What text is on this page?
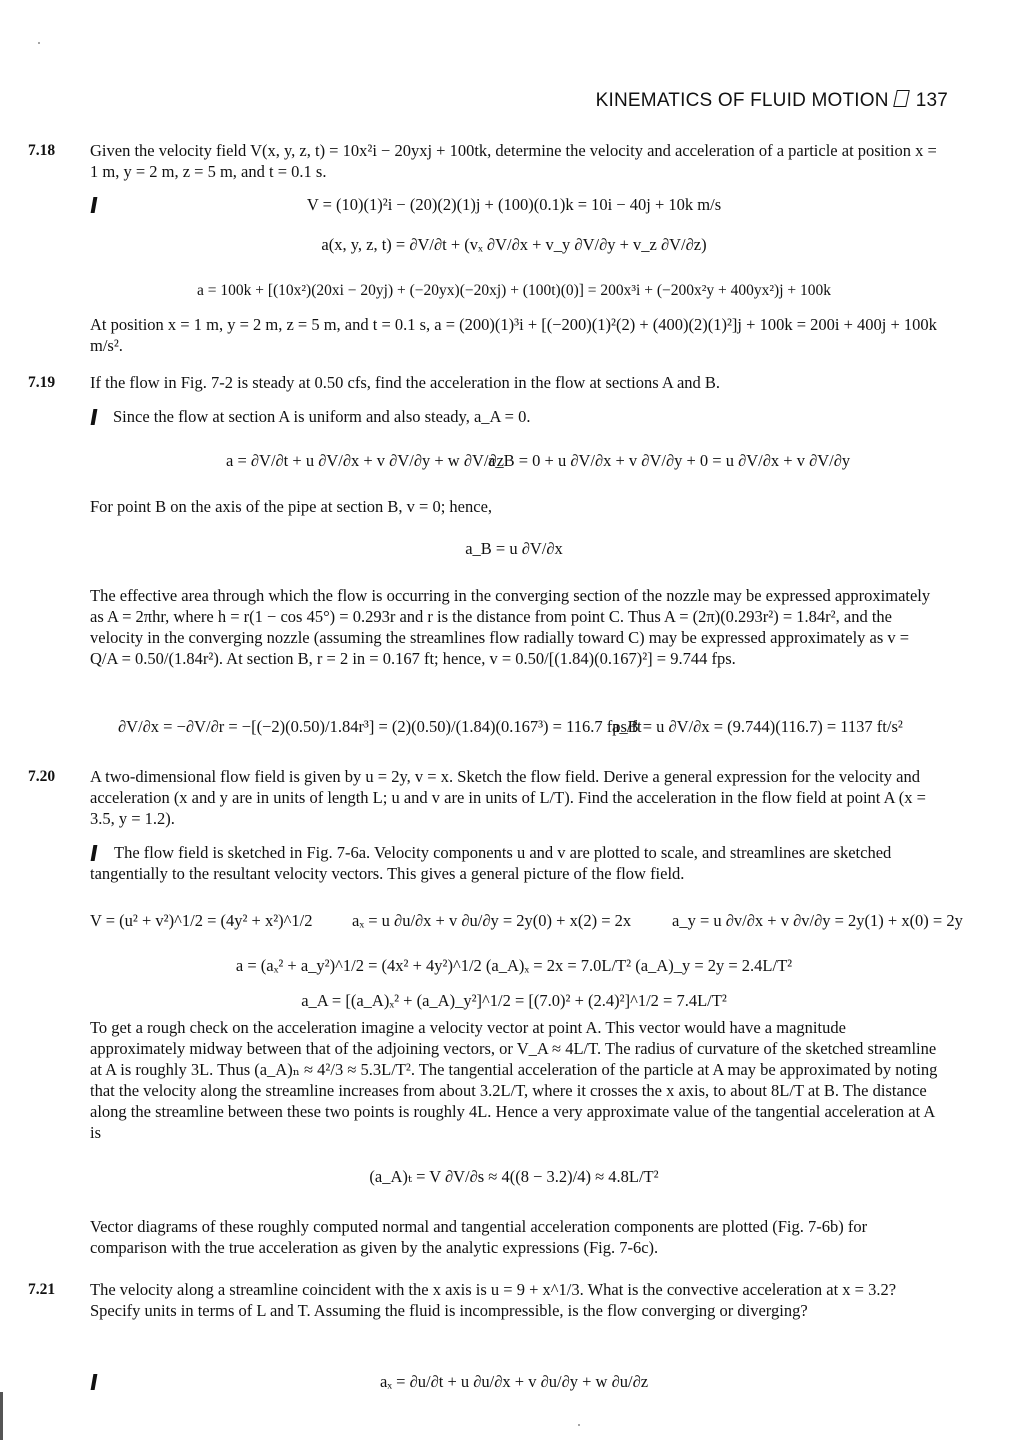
KINEMATICS OF FLUID MOTION 137
7.18 Given the velocity field V(x, y, z, t) = 10x²i − 20yxj + 100tk, determine the velocity and acceleration of a particle at position x = 1 m, y = 2 m, z = 5 m, and t = 0.1 s.
V = (10)(1)²i − (20)(2)(1)j + (100)(0.1)k = 10i − 40j + 10k m/s
a(x, y, z, t) = ∂V/∂t + (vₓ ∂V/∂x + v_y ∂V/∂y + v_z ∂V/∂z)
a = 100k + [(10x²)(20xi − 20yj) + (−20yx)(−20xj) + (100t)(0)] = 200x³i + (−200x²y + 400yx²)j + 100k
At position x = 1 m, y = 2 m, z = 5 m, and t = 0.1 s, a = (200)(1)³i + [(−200)(1)²(2) + (400)(2)(1)²]j + 100k = 200i + 400j + 100k m/s².
7.19 If the flow in Fig. 7-2 is steady at 0.50 cfs, find the acceleration in the flow at sections A and B.
Since the flow at section A is uniform and also steady, a_A = 0.
a = ∂V/∂t + u ∂V/∂x + v ∂V/∂y + w ∂V/∂z
a_B = 0 + u ∂V/∂x + v ∂V/∂y + 0 = u ∂V/∂x + v ∂V/∂y
For point B on the axis of the pipe at section B, v = 0; hence,
a_B = u ∂V/∂x
The effective area through which the flow is occurring in the converging section of the nozzle may be expressed approximately as A = 2πhr, where h = r(1 − cos 45°) = 0.293r and r is the distance from point C. Thus A = (2π)(0.293r²) = 1.84r², and the velocity in the converging nozzle (assuming the streamlines flow radially toward C) may be expressed approximately as v = Q/A = 0.50/(1.84r²). At section B, r = 2 in = 0.167 ft; hence, v = 0.50/[(1.84)(0.167)²] = 9.744 fps.
∂V/∂x = −∂V/∂r = −[(−2)(0.50)/1.84r³] = (2)(0.50)/(1.84)(0.167³) = 116.7 fps/ft
a_B = u ∂V/∂x = (9.744)(116.7) = 1137 ft/s²
7.20 A two-dimensional flow field is given by u = 2y, v = x. Sketch the flow field. Derive a general expression for the velocity and acceleration (x and y are in units of length L; u and v are in units of L/T). Find the acceleration in the flow field at point A (x = 3.5, y = 1.2).
The flow field is sketched in Fig. 7-6a. Velocity components u and v are plotted to scale, and streamlines are sketched tangentially to the resultant velocity vectors. This gives a general picture of the flow field.
V = (u² + v²)^1/2 = (4y² + x²)^1/2 aₓ = u ∂u/∂x + v ∂u/∂y = 2y(0) + x(2) = 2x a_y = u ∂v/∂x + v ∂v/∂y = 2y(1) + x(0) = 2y
a = (aₓ² + a_y²)^1/2 = (4x² + 4y²)^1/2 (a_A)ₓ = 2x = 7.0L/T² (a_A)_y = 2y = 2.4L/T²
a_A = [(a_A)ₓ² + (a_A)_y²]^1/2 = [(7.0)² + (2.4)²]^1/2 = 7.4L/T²
To get a rough check on the acceleration imagine a velocity vector at point A. This vector would have a magnitude approximately midway between that of the adjoining vectors, or V_A ≈ 4L/T. The radius of curvature of the sketched streamline at A is roughly 3L. Thus (a_A)ₙ ≈ 4²/3 ≈ 5.3L/T². The tangential acceleration of the particle at A may be approximated by noting that the velocity along the streamline increases from about 3.2L/T, where it crosses the x axis, to about 8L/T at B. The distance along the streamline between these two points is roughly 4L. Hence a very approximate value of the tangential acceleration at A is
(a_A)ₜ = V ∂V/∂s ≈ 4((8 − 3.2)/4) ≈ 4.8L/T²
Vector diagrams of these roughly computed normal and tangential acceleration components are plotted (Fig. 7-6b) for comparison with the true acceleration as given by the analytic expressions (Fig. 7-6c).
7.21 The velocity along a streamline coincident with the x axis is u = 9 + x^1/3. What is the convective acceleration at x = 3.2? Specify units in terms of L and T. Assuming the fluid is incompressible, is the flow converging or diverging?
aₓ = ∂u/∂t + u ∂u/∂x + v ∂u/∂y + w ∂u/∂z
